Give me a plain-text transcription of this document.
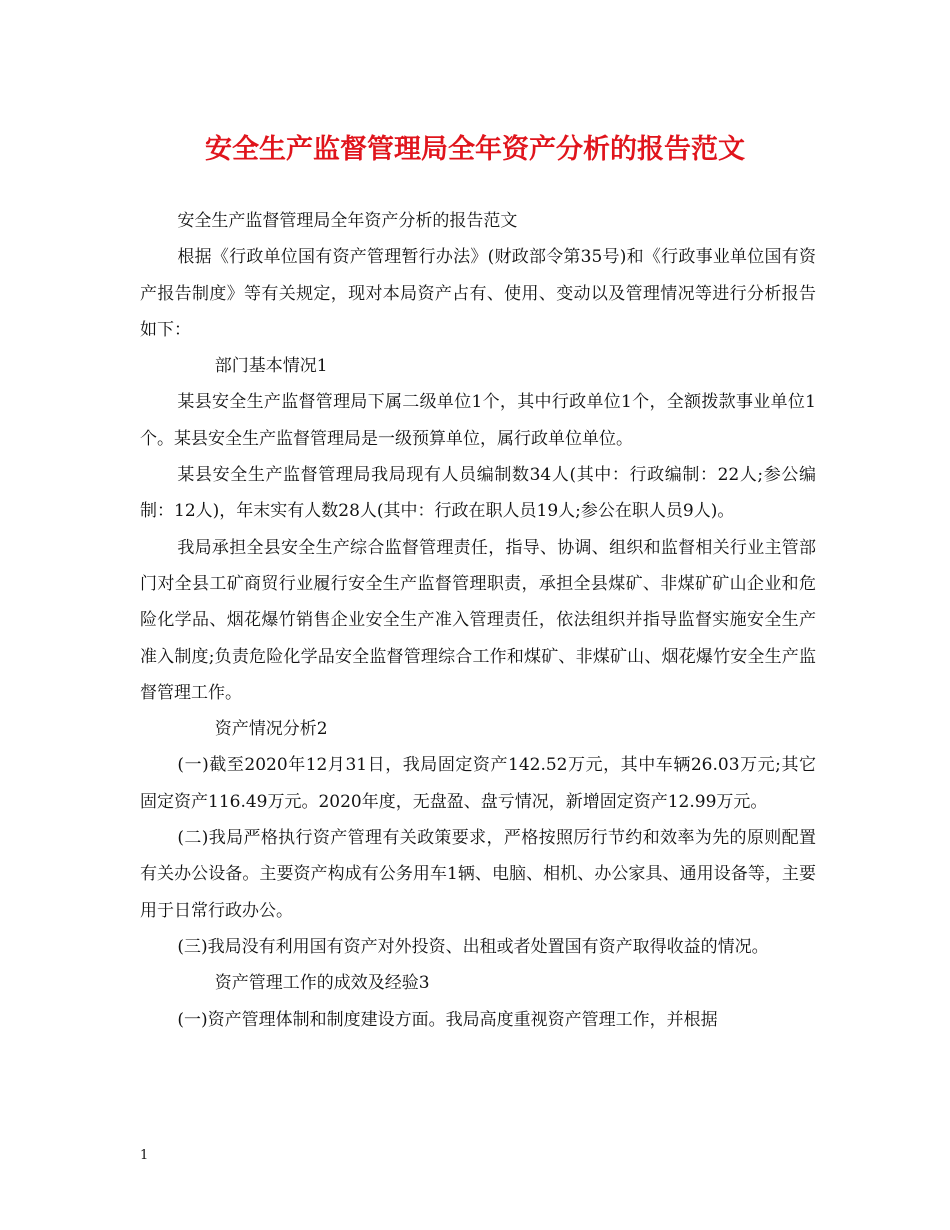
安全生产监督管理局全年资产分析的报告范文

安全生产监督管理局全年资产分析的报告范文

根据《行政单位国有资产管理暂行办法》(财政部令第35号)和《行政事业单位国有资产报告制度》等有关规定，现对本局资产占有、使用、变动以及管理情况等进行分析报告如下：

部门基本情况1

某县安全生产监督管理局下属二级单位1个，其中行政单位1个，全额拨款事业单位1个。某县安全生产监督管理局是一级预算单位，属行政单位单位。

某县安全生产监督管理局我局现有人员编制数34人(其中：行政编制：22人;参公编制：12人)，年末实有人数28人(其中：行政在职人员19人;参公在职人员9人)。

我局承担全县安全生产综合监督管理责任，指导、协调、组织和监督相关行业主管部门对全县工矿商贸行业履行安全生产监督管理职责，承担全县煤矿、非煤矿矿山企业和危险化学品、烟花爆竹销售企业安全生产准入管理责任，依法组织并指导监督实施安全生产准入制度;负责危险化学品安全监督管理综合工作和煤矿、非煤矿山、烟花爆竹安全生产监督管理工作。

资产情况分析2

(一)截至2020年12月31日，我局固定资产142.52万元，其中车辆26.03万元;其它固定资产116.49万元。2020年度，无盘盈、盘亏情况，新增固定资产12.99万元。

(二)我局严格执行资产管理有关政策要求，严格按照厉行节约和效率为先的原则配置有关办公设备。主要资产构成有公务用车1辆、电脑、相机、办公家具、通用设备等，主要用于日常行政办公。

(三)我局没有利用国有资产对外投资、出租或者处置国有资产取得收益的情况。

资产管理工作的成效及经验3

(一)资产管理体制和制度建设方面。我局高度重视资产管理工作，并根据

1
